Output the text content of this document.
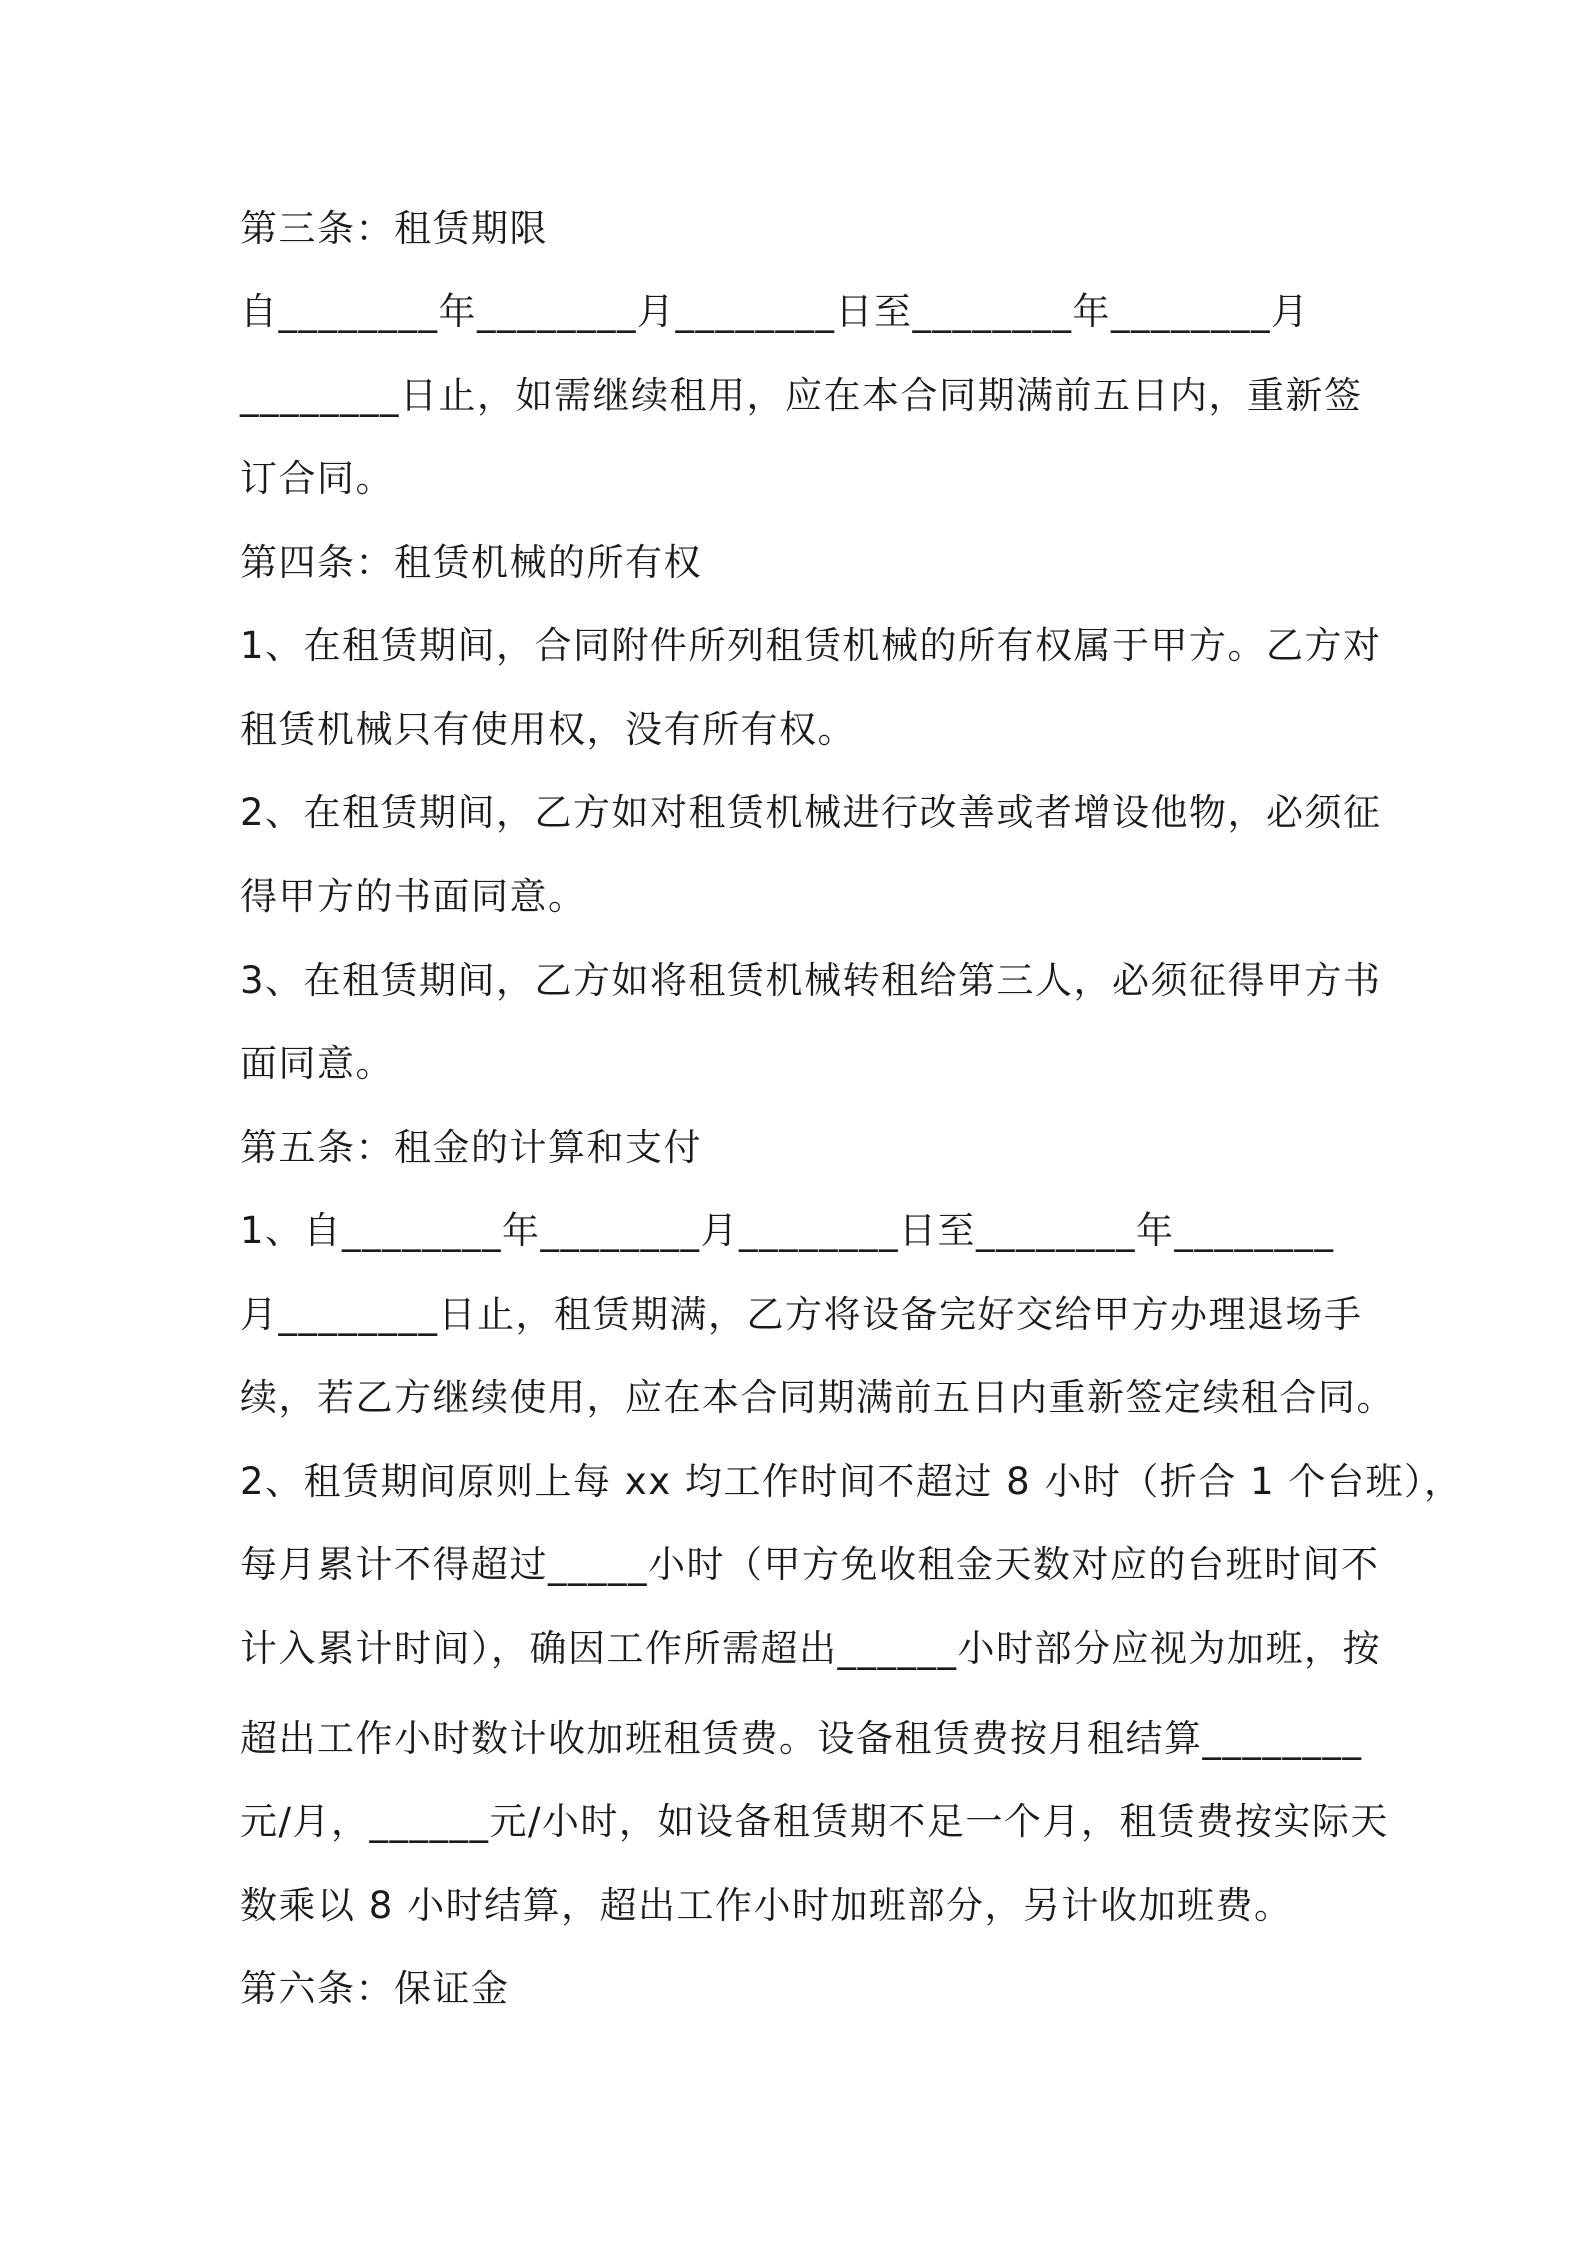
第三条：租赁期限

自________年________月________日至________年________月

________日止，如需继续租用，应在本合同期满前五日内，重新签

订合同。

第四条：租赁机械的所有权

1、在租赁期间，合同附件所列租赁机械的所有权属于甲方。乙方对

租赁机械只有使用权，没有所有权。

2、在租赁期间，乙方如对租赁机械进行改善或者增设他物，必须征

得甲方的书面同意。

3、在租赁期间，乙方如将租赁机械转租给第三人，必须征得甲方书

面同意。

第五条：租金的计算和支付

1、自________年________月________日至________年________

月________日止，租赁期满，乙方将设备完好交给甲方办理退场手

续，若乙方继续使用，应在本合同期满前五日内重新签定续租合同。

2、租赁期间原则上每 xx 均工作时间不超过 8 小时（折合 1 个台班），

每月累计不得超过_____小时（甲方免收租金天数对应的台班时间不

计入累计时间），确因工作所需超出______小时部分应视为加班，按

超出工作小时数计收加班租赁费。设备租赁费按月租结算________

元/月，______元/小时，如设备租赁期不足一个月，租赁费按实际天

数乘以 8 小时结算，超出工作小时加班部分，另计收加班费。

第六条：保证金
